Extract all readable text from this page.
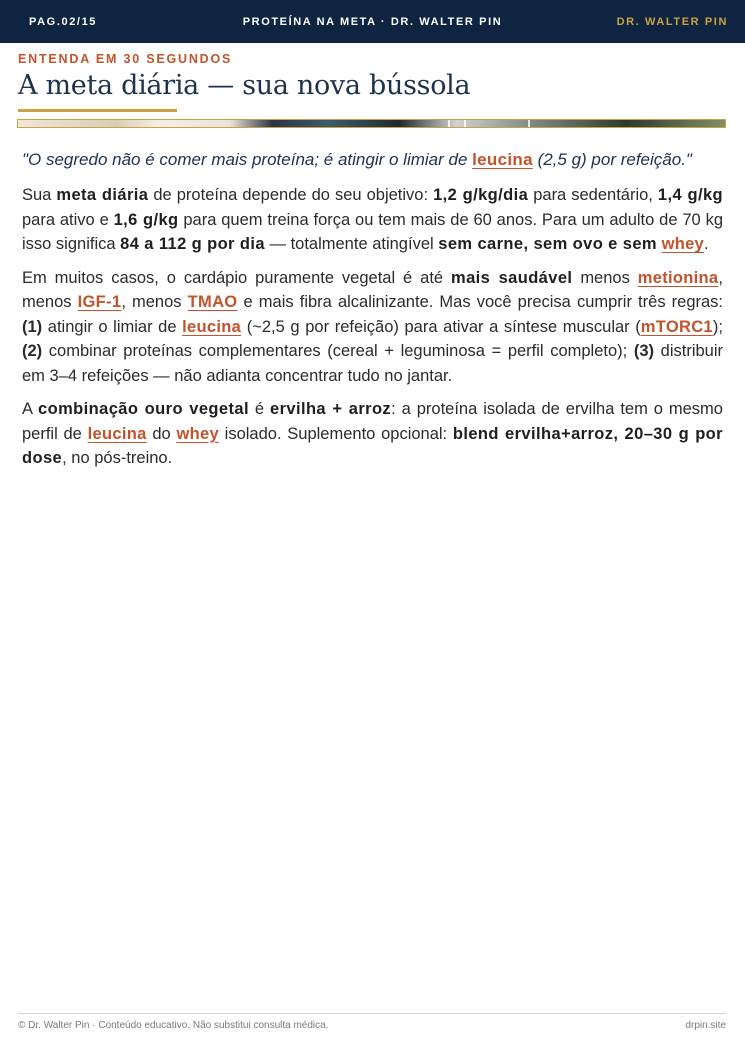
PAG.02/15	PROTEÍNA NA META · DR. WALTER PIN	DR. WALTER PIN
ENTENDA EM 30 SEGUNDOS
A meta diária — sua nova bússola

"O segredo não é comer mais proteína; é atingir o limiar de leucina (2,5 g) por refeição."

Sua meta diária de proteína depende do seu objetivo: 1,2 g/kg/dia para sedentário, 1,4 g/kg para ativo e 1,6 g/kg para quem treina força ou tem mais de 60 anos. Para um adulto de 70 kg isso significa 84 a 112 g por dia — totalmente atingível sem carne, sem ovo e sem whey.

Em muitos casos, o cardápio puramente vegetal é até mais saudável menos metionina, menos IGF-1, menos TMAO e mais fibra alcalinizante. Mas você precisa cumprir três regras: (1) atingir o limiar de leucina (~2,5 g por refeição) para ativar a síntese muscular (mTORC1); (2) combinar proteínas complementares (cereal + leguminosa = perfil completo); (3) distribuir em 3–4 refeições — não adianta concentrar tudo no jantar.

A combinação ouro vegetal é ervilha + arroz: a proteína isolada de ervilha tem o mesmo perfil de leucina do whey isolado. Suplemento opcional: blend ervilha+arroz, 20–30 g por dose, no pós-treino.

© Dr. Walter Pin · Conteúdo educativo. Não substitui consulta médica.	drpin.site
